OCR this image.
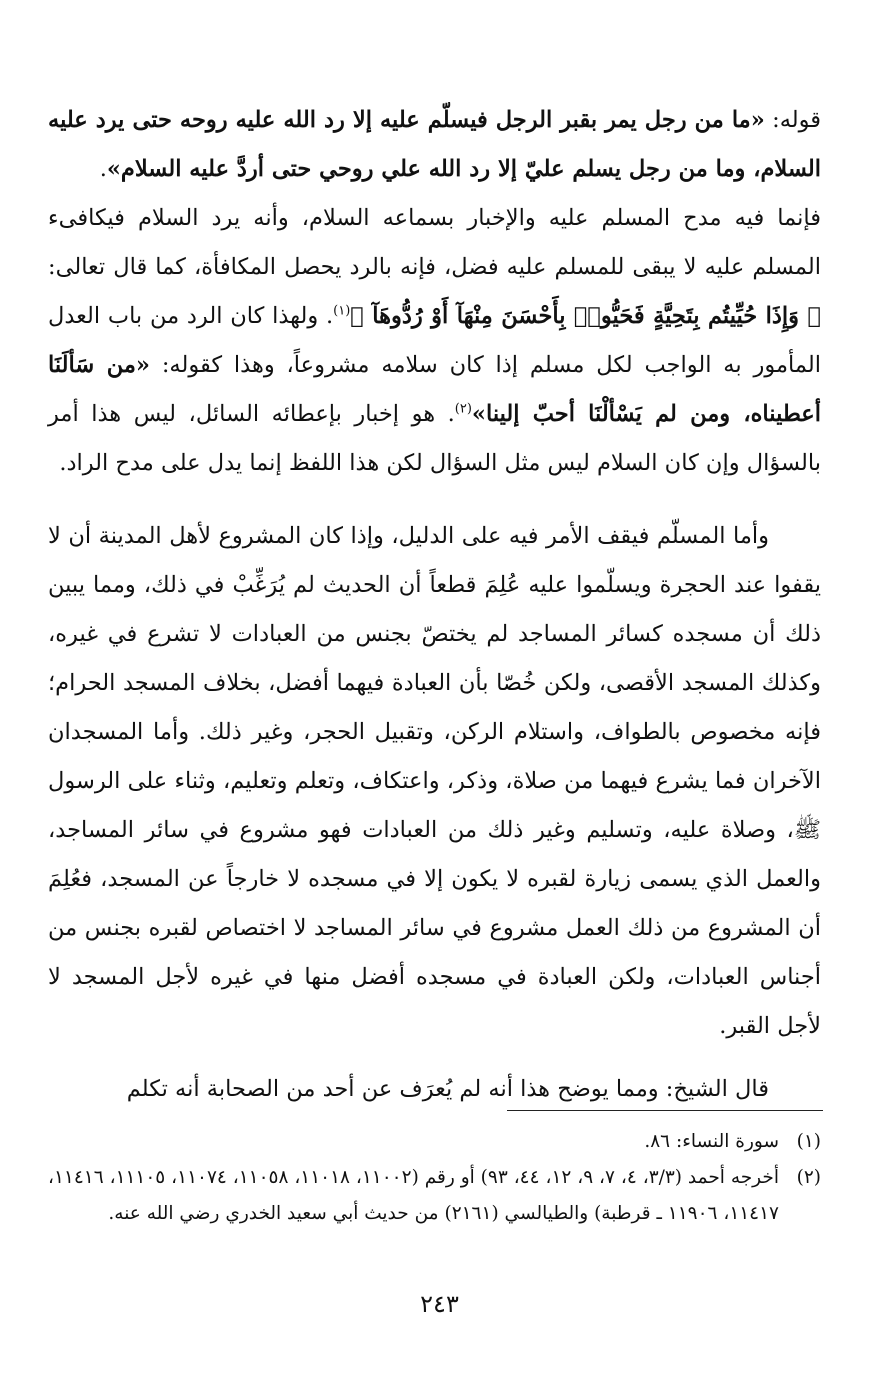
قوله: «ما من رجل يمر بقبر الرجل فيسلّم عليه إلا رد الله عليه روحه حتى يرد عليه السلام، وما من رجل يسلم عليّ إلا رد الله علي روحي حتى أردَّ عليه السلام».

فإنما فيه مدح المسلم عليه والإخبار بسماعه السلام، وأنه يرد السلام فيكافىء المسلم عليه لا يبقى للمسلم عليه فضل، فإنه بالرد يحصل المكافأة، كما قال تعالى: ﴿ وَإِذَا حُيِّيتُم بِتَحِيَّةٍ فَحَيُّوا۟ بِأَحْسَنَ مِنْهَآ أَوْ رُدُّوهَآ ﴾$^{(١)}$. ولهذا كان الرد من باب العدل المأمور به الواجب لكل مسلم إذا كان سلامه مشروعاً، وهذا كقوله: «من سَألَنَا أعطيناه، ومن لم يَسْألْنَا أحبّ إلينا»$^{(٢)}$. هو إخبار بإعطائه السائل، ليس هذا أمر بالسؤال وإن كان السلام ليس مثل السؤال لكن هذا اللفظ إنما يدل على مدح الراد.

وأما المسلّم فيقف الأمر فيه على الدليل، وإذا كان المشروع لأهل المدينة أن لا يقفوا عند الحجرة ويسلّموا عليه عُلِمَ قطعاً أن الحديث لم يُرَغِّبْ في ذلك، ومما يبين ذلك أن مسجده كسائر المساجد لم يختصّ بجنس من العبادات لا تشرع في غيره، وكذلك المسجد الأقصى، ولكن خُصّا بأن العبادة فيهما أفضل، بخلاف المسجد الحرام؛ فإنه مخصوص بالطواف، واستلام الركن، وتقبيل الحجر، وغير ذلك. وأما المسجدان الآخران فما يشرع فيهما من صلاة، وذكر، واعتكاف، وتعلم وتعليم، وثناء على الرسول ﷺ، وصلاة عليه، وتسليم وغير ذلك من العبادات فهو مشروع في سائر المساجد، والعمل الذي يسمى زيارة لقبره لا يكون إلا في مسجده لا خارجاً عن المسجد، فعُلِمَ أن المشروع من ذلك العمل مشروع في سائر المساجد لا اختصاص لقبره بجنس من أجناس العبادات، ولكن العبادة في مسجده أفضل منها في غيره لأجل المسجد لا لأجل القبر.

قال الشيخ: ومما يوضح هذا أنه لم يُعرَف عن أحد من الصحابة أنه تكلم

(١)سورة النساء: ٨٦.

(٢)أخرجه أحمد (٣/٣، ٤، ٧، ٩، ١٢، ٤٤، ٩٣) أو رقم (١١٠٠٢، ١١٠١٨، ١١٠٥٨، ١١٠٧٤، ١١١٠٥، ١١٤١٦، ١١٤١٧، ١١٩٠٦ ـ قرطبة) والطيالسي (٢١٦١) من حديث أبي سعيد الخدري رضي الله عنه.

٢٤٣
